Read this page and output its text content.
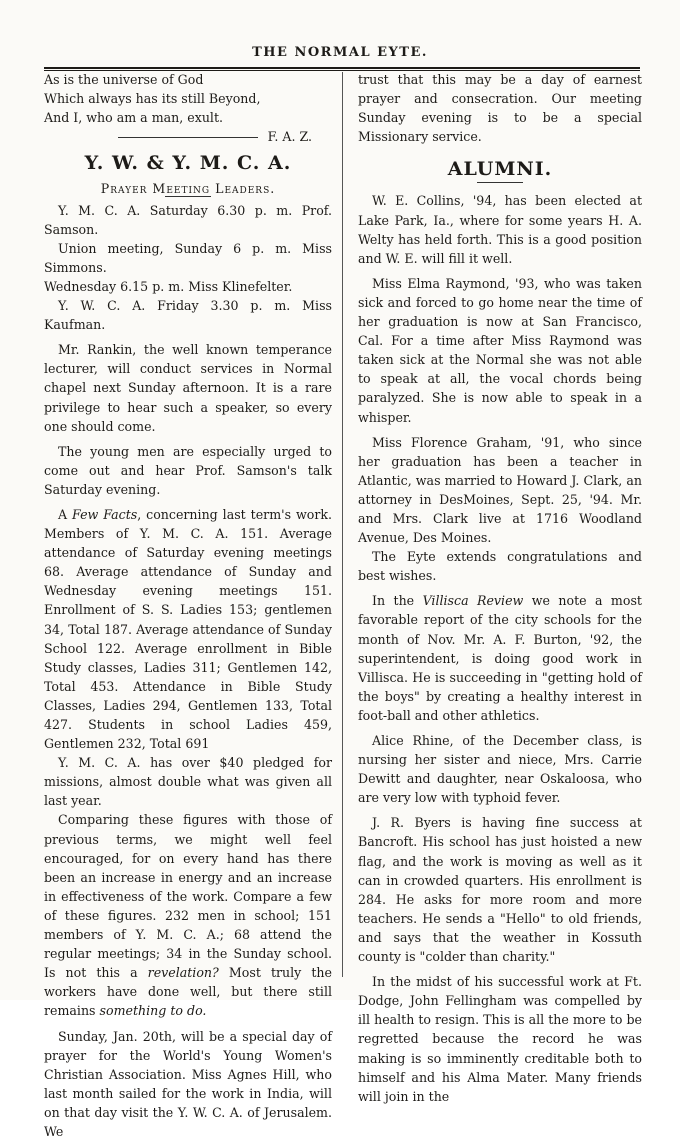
THE NORMAL EYTE.

As is the universe of God

Which always has its still Beyond,

And I, who am a man, exult.

F. A. Z.

Y. W. & Y. M. C. A.

Prayer Meeting Leaders.

Y. M. C. A. Saturday 6.30 p. m. Prof. Samson.

Union meeting, Sunday 6 p. m. Miss Simmons.

Wednesday 6.15 p. m. Miss Klinefelter.

Y. W. C. A. Friday 3.30 p. m. Miss Kaufman.

Mr. Rankin, the well known temperance lecturer, will conduct services in Normal chapel next Sunday afternoon. It is a rare privilege to hear such a speaker, so every one should come.

The young men are especially urged to come out and hear Prof. Samson's talk Saturday evening.

A Few Facts, concerning last term's work. Members of Y. M. C. A. 151. Average attendance of Saturday evening meetings 68. Average attendance of Sunday and Wednesday evening meetings 151. Enrollment of S. S. Ladies 153; gentlemen 34, Total 187. Average attendance of Sunday School 122. Average enrollment in Bible Study classes, Ladies 311; Gentlemen 142, Total 453. Attendance in Bible Study Classes, Ladies 294, Gentlemen 133, Total 427. Students in school Ladies 459, Gentlemen 232, Total 691

Y. M. C. A. has over $40 pledged for missions, almost double what was given all last year.

Comparing these figures with those of previous terms, we might well feel encouraged, for on every hand has there been an increase in energy and an increase in effectiveness of the work. Compare a few of these figures. 232 men in school; 151 members of Y. M. C. A.; 68 attend the regular meetings; 34 in the Sunday school. Is not this a revelation? Most truly the workers have done well, but there still remains something to do.

Sunday, Jan. 20th, will be a special day of prayer for the World's Young Women's Christian Association. Miss Agnes Hill, who last month sailed for the work in India, will on that day visit the Y. W. C. A. of Jerusalem. We

trust that this may be a day of earnest prayer and consecration. Our meeting Sunday evening is to be a special Missionary service.

ALUMNI.

W. E. Collins, '94, has been elected at Lake Park, Ia., where for some years H. A. Welty has held forth. This is a good position and W. E. will fill it well.

Miss Elma Raymond, '93, who was taken sick and forced to go home near the time of her graduation is now at San Francisco, Cal. For a time after Miss Raymond was taken sick at the Normal she was not able to speak at all, the vocal chords being paralyzed. She is now able to speak in a whisper.

Miss Florence Graham, '91, who since her graduation has been a teacher in Atlantic, was married to Howard J. Clark, an attorney in DesMoines, Sept. 25, '94. Mr. and Mrs. Clark live at 1716 Woodland Avenue, Des Moines.

The Eyte extends congratulations and best wishes.

In the Villisca Review we note a most favorable report of the city schools for the month of Nov. Mr. A. F. Burton, '92, the superintendent, is doing good work in Villisca. He is succeeding in "getting hold of the boys" by creating a healthy interest in foot-ball and other athletics.

Alice Rhine, of the December class, is nursing her sister and niece, Mrs. Carrie Dewitt and daughter, near Oskaloosa, who are very low with typhoid fever.

J. R. Byers is having fine success at Bancroft. His school has just hoisted a new flag, and the work is moving as well as it can in crowded quarters. His enrollment is 284. He asks for more room and more teachers. He sends a "Hello" to old friends, and says that the weather in Kossuth county is "colder than charity."

In the midst of his successful work at Ft. Dodge, John Fellingham was compelled by ill health to resign. This is all the more to be regretted because the record he was making is so imminently creditable both to himself and his Alma Mater. Many friends will join in the
